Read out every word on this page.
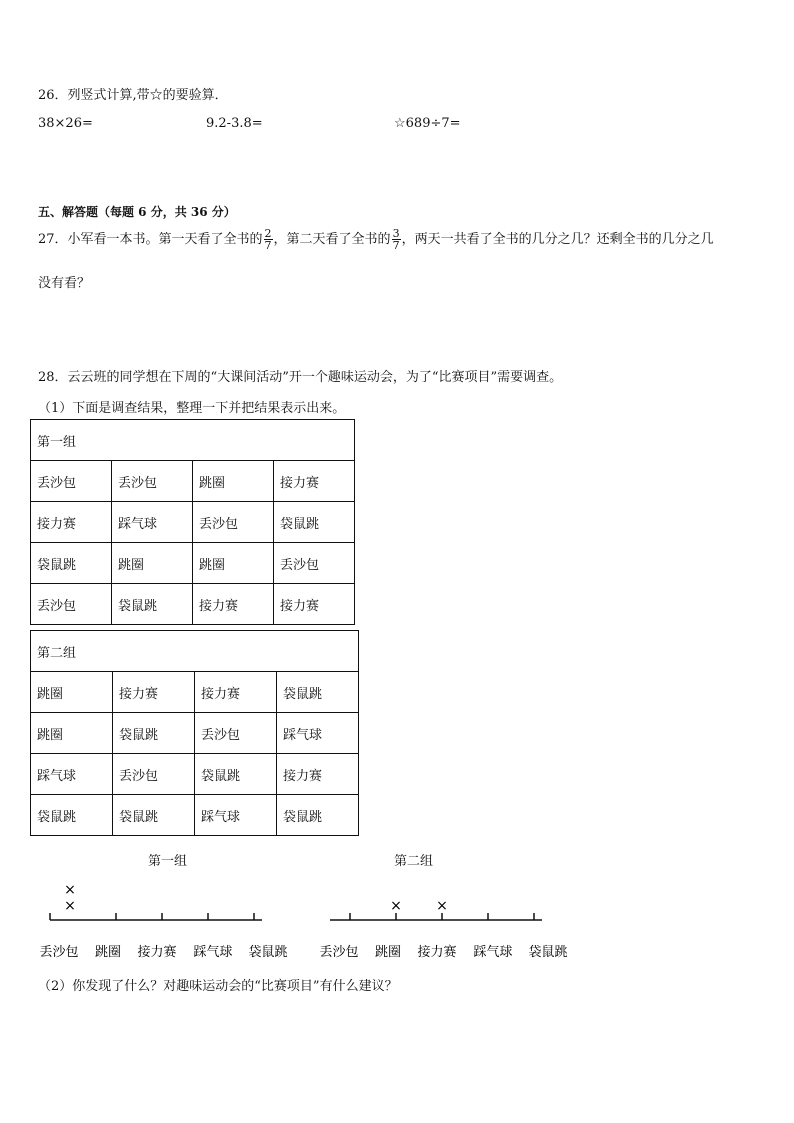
26．列竖式计算,带☆的要验算．
38×26=	9.2-3.8=	☆689÷7=
五、解答题（每题 6 分，共 36 分）
27．小军看一本书。第一天看了全书的 $\frac{2}{7}$ ，第二天看了全书的 $\frac{3}{7}$ ，两天一共看了全书的几分之几？还剩全书的几分之几
没有看？
28．云云班的同学想在下周的“大课间活动”开一个趣味运动会，为了“比赛项目”需要调查。
（1）下面是调查结果，整理一下并把结果表示出来。
第一组			
丢沙包	丢沙包	跳圈	接力赛
接力赛	踩气球	丢沙包	袋鼠跳
袋鼠跳	跳圈	跳圈	丢沙包
丢沙包	袋鼠跳	接力赛	接力赛
第二组			
跳圈	接力赛	接力赛	袋鼠跳
跳圈	袋鼠跳	丢沙包	踩气球
踩气球	丢沙包	袋鼠跳	接力赛
袋鼠跳	袋鼠跳	踩气球	袋鼠跳
第一组	第二组
丢沙包
×
×
跳圈 接力赛 踩气球 袋鼠跳 丢沙包 跳圈
×
接力赛
×
踩气球 袋鼠跳
（2）你发现了什么？对趣味运动会的“比赛项目”有什么建议？
